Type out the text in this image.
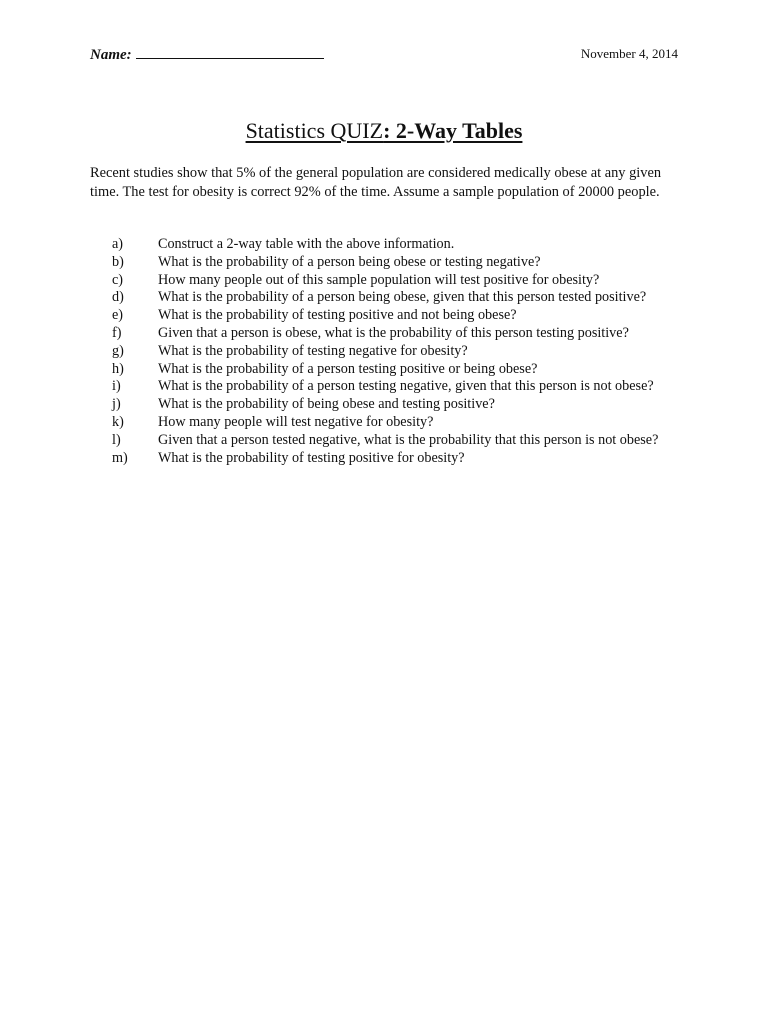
Name:	November 4, 2014
Statistics QUIZ: 2-Way Tables
Recent studies show that 5% of the general population are considered medically obese at any given time. The test for obesity is correct 92% of the time. Assume a sample population of 20000 people.
a)	Construct a 2-way table with the above information.
b)	What is the probability of a person being obese or testing negative?
c)	How many people out of this sample population will test positive for obesity?
d)	What is the probability of a person being obese, given that this person tested positive?
e)	What is the probability of testing positive and not being obese?
f)	Given that a person is obese, what is the probability of this person testing positive?
g)	What is the probability of testing negative for obesity?
h)	What is the probability of a person testing positive or being obese?
i)	What is the probability of a person testing negative, given that this person is not obese?
j)	What is the probability of being obese and testing positive?
k)	How many people will test negative for obesity?
l)	Given that a person tested negative, what is the probability that this person is not obese?
m)	What is the probability of testing positive for obesity?
